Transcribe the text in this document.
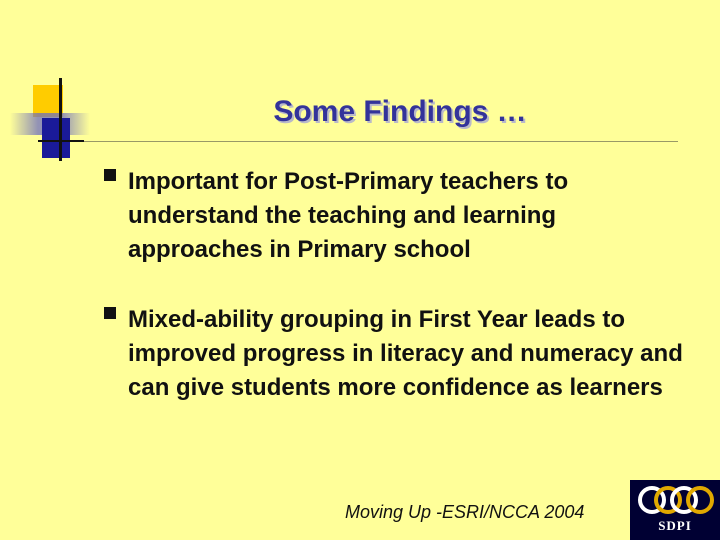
Some Findings …
Important for Post-Primary teachers to understand the teaching and learning approaches in Primary school
Mixed-ability grouping in First Year leads to improved progress in literacy and numeracy and can give students more confidence as learners
Moving Up -ESRI/NCCA 2004
SDPI
